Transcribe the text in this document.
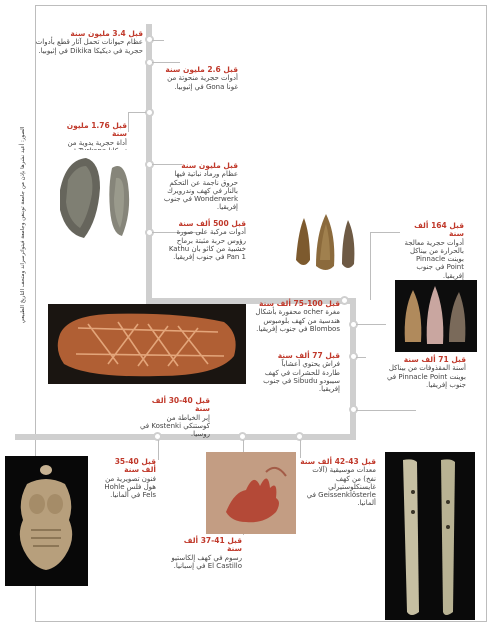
الصور: أعيد نشرها بإذن من جامعة توبنغن وجامعة فيتواترسراند ومتحف التاريخ الطبيعي
قبل 3.4 مليون سنة
عظام حيوانات تحمل آثار قطع بأدوات حجرية في ديكيكا Dikika في إثيوبيا.
قبل 2.6 مليون سنة
أدوات حجرية منحوتة من غونا Gona في إثيوبيا.
قبل 1.76 مليون سنة
أداة حجرية يدوية من
قبل مليون سنة
عظام ورماد نباتية فيها حروق ناجمة عن التحكم بالنار في كهف وندرويرك Wonderwerk في جنوب إفريقيا.
قبل 500 ألف سنة
أدوات مركبة على صورة رؤوس حربة مثبتة برماح خشبية من كاثو بان Kathu Pan 1 في جنوب إفريقيا.
قبل 164 ألف سنة
أدوات حجرية معالجة بالحرارة من بيناكل بوينت Pinnacle Point في جنوب إفريقيا.
قبل 100-75 ألف سنة
مغرة ocher محفورة بأشكال هندسية من كهف بلومبوس Blombos في جنوب إفريقيا.
قبل 77 ألف سنة
فراش يحتوي أعشاباً طاردة للحشرات في كهف سيبودو Sibudu في جنوب إفريقيا.
قبل 71 ألف سنة
أسنة المقذوفات من بيناكل بوينت Pinnacle Point في جنوب إفريقيا.
قبل 40-30 ألف سنة
إبر الخياطة من كوستنكي Kostenki في روسيا.
قبل 40-35 ألف سنة
فنون تصويرية من هول فلس Hohle Fels في ألمانيا.
قبل 43-42 ألف سنة
معدات موسيقية (آلات نفخ) من كهف غايسنكلوستيرلي Geissenklösterle في ألمانيا.
قبل 41-37 ألف سنة
رسوم في كهف إلكاستيو El Castillo في إسبانيا.
